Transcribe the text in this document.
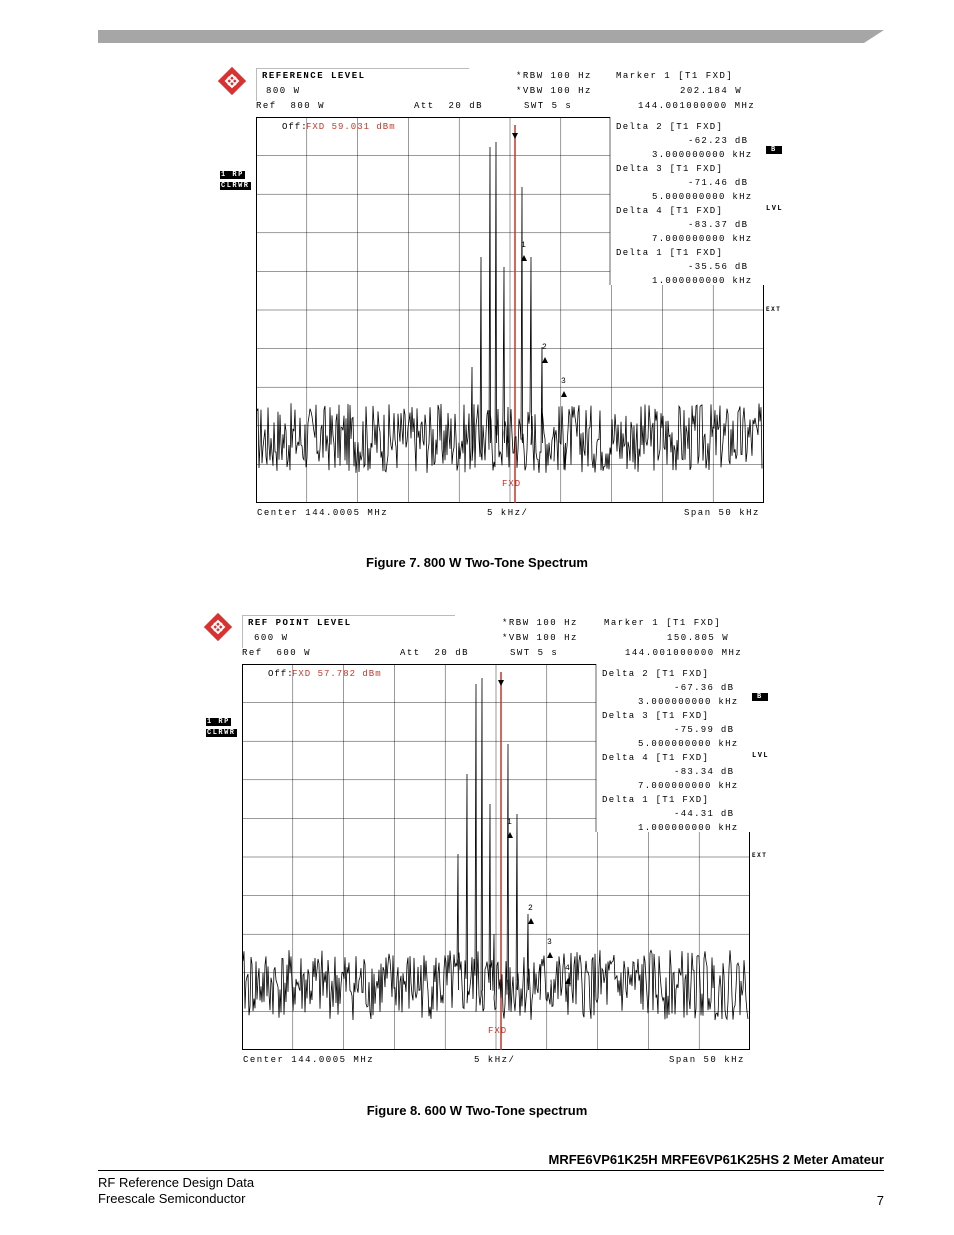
REFERENCE LEVEL
800 W
*RBW 100 Hz
*VBW 100 Hz
SWT 5 s
Ref  800 W	Att  20 dB
Marker 1 [T1 FXD]
202.184 W
144.001000000 MHz
1 RP
CLRWR
B
LVL
EXT
Off:
FXD 59.031 dBm
FXD
1
2
3
Delta 2 [T1 FXD]
-62.23 dB
3.000000000 kHz
Delta 3 [T1 FXD]
-71.46 dB
5.000000000 kHz
Delta 4 [T1 FXD]
-83.37 dB
7.000000000 kHz
Delta 1 [T1 FXD]
-35.56 dB
1.000000000 kHz
Center 144.0005 MHz	5 kHz/	Span 50 kHz
Figure 7. 800 W Two-Tone Spectrum
REF POINT LEVEL
600 W
*RBW 100 Hz
*VBW 100 Hz
SWT 5 s
Ref  600 W	Att  20 dB
Marker 1 [T1 FXD]
150.805 W
144.001000000 MHz
1 RP
CLRWR
B
LVL
EXT
Off:
FXD 57.782 dBm
FXD
1
2
3
4
Delta 2 [T1 FXD]
-67.36 dB
3.000000000 kHz
Delta 3 [T1 FXD]
-75.99 dB
5.000000000 kHz
Delta 4 [T1 FXD]
-83.34 dB
7.000000000 kHz
Delta 1 [T1 FXD]
-44.31 dB
1.000000000 kHz
Center 144.0005 MHz	5 kHz/	Span 50 kHz
Figure 8. 600 W Two-Tone spectrum
MRFE6VP61K25H MRFE6VP61K25HS 2 Meter Amateur
RF Reference Design Data
Freescale Semiconductor	7
